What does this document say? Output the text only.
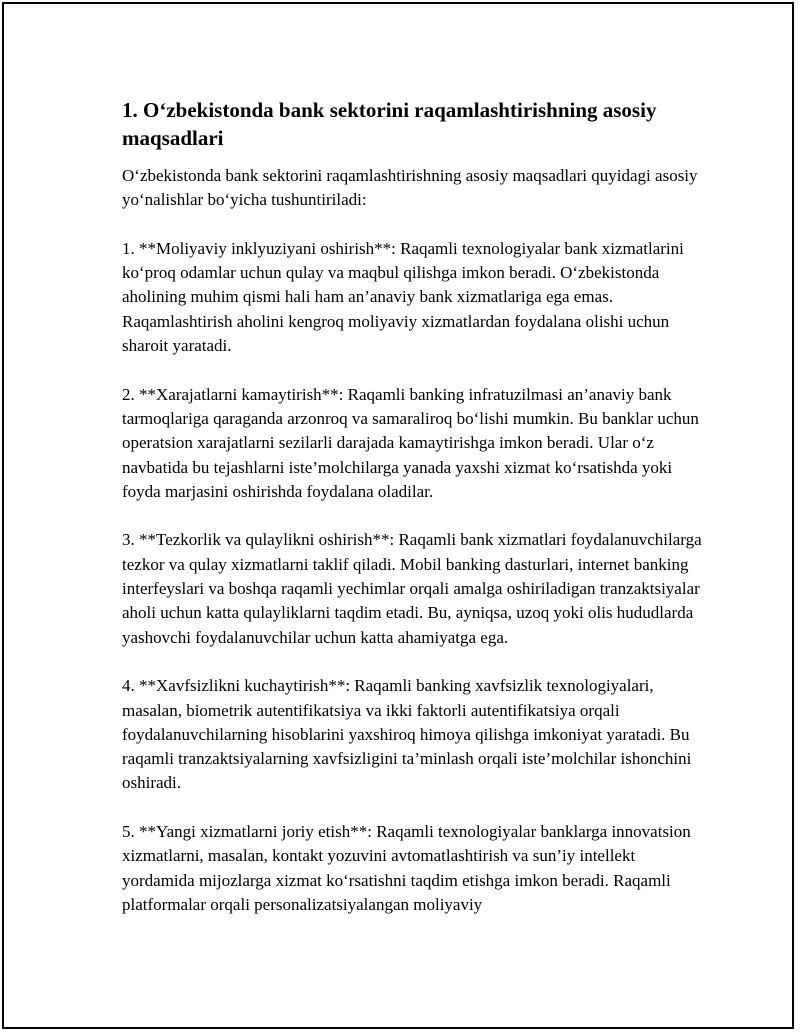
1. O‘zbekistonda bank sektorini raqamlashtirishning asosiy maqsadlari

O‘zbekistonda bank sektorini raqamlashtirishning asosiy maqsadlari quyidagi asosiy yo‘nalishlar bo‘yicha tushuntiriladi:

1. **Moliyaviy inklyuziyani oshirish**: Raqamli texnologiyalar bank xizmatlarini ko‘proq odamlar uchun qulay va maqbul qilishga imkon beradi. O‘zbekistonda aholining muhim qismi hali ham an’anaviy bank xizmatlariga ega emas. Raqamlashtirish aholini kengroq moliyaviy xizmatlardan foydalana olishi uchun sharoit yaratadi.

2. **Xarajatlarni kamaytirish**: Raqamli banking infratuzilmasi an’anaviy bank tarmoqlariga qaraganda arzonroq va samaraliroq bo‘lishi mumkin. Bu banklar uchun operatsion xarajatlarni sezilarli darajada kamaytirishga imkon beradi. Ular o‘z navbatida bu tejashlarni iste’molchilarga yanada yaxshi xizmat ko‘rsatishda yoki foyda marjasini oshirishda foydalana oladilar.

3. **Tezkorlik va qulaylikni oshirish**: Raqamli bank xizmatlari foydalanuvchilarga tezkor va qulay xizmatlarni taklif qiladi. Mobil banking dasturlari, internet banking interfeyslari va boshqa raqamli yechimlar orqali amalga oshiriladigan tranzaktsiyalar aholi uchun katta qulayliklarni taqdim etadi. Bu, ayniqsa, uzoq yoki olis hududlarda yashovchi foydalanuvchilar uchun katta ahamiyatga ega.

4. **Xavfsizlikni kuchaytirish**: Raqamli banking xavfsizlik texnologiyalari, masalan, biometrik autentifikatsiya va ikki faktorli autentifikatsiya orqali foydalanuvchilarning hisoblarini yaxshiroq himoya qilishga imkoniyat yaratadi. Bu raqamli tranzaktsiyalarning xavfsizligini ta’minlash orqali iste’molchilar ishonchini oshiradi.

5. **Yangi xizmatlarni joriy etish**: Raqamli texnologiyalar banklarga innovatsion xizmatlarni, masalan, kontakt yozuvini avtomatlashtirish va sun’iy intellekt yordamida mijozlarga xizmat ko‘rsatishni taqdim etishga imkon beradi. Raqamli platformalar orqali personalizatsiyalangan moliyaviy
